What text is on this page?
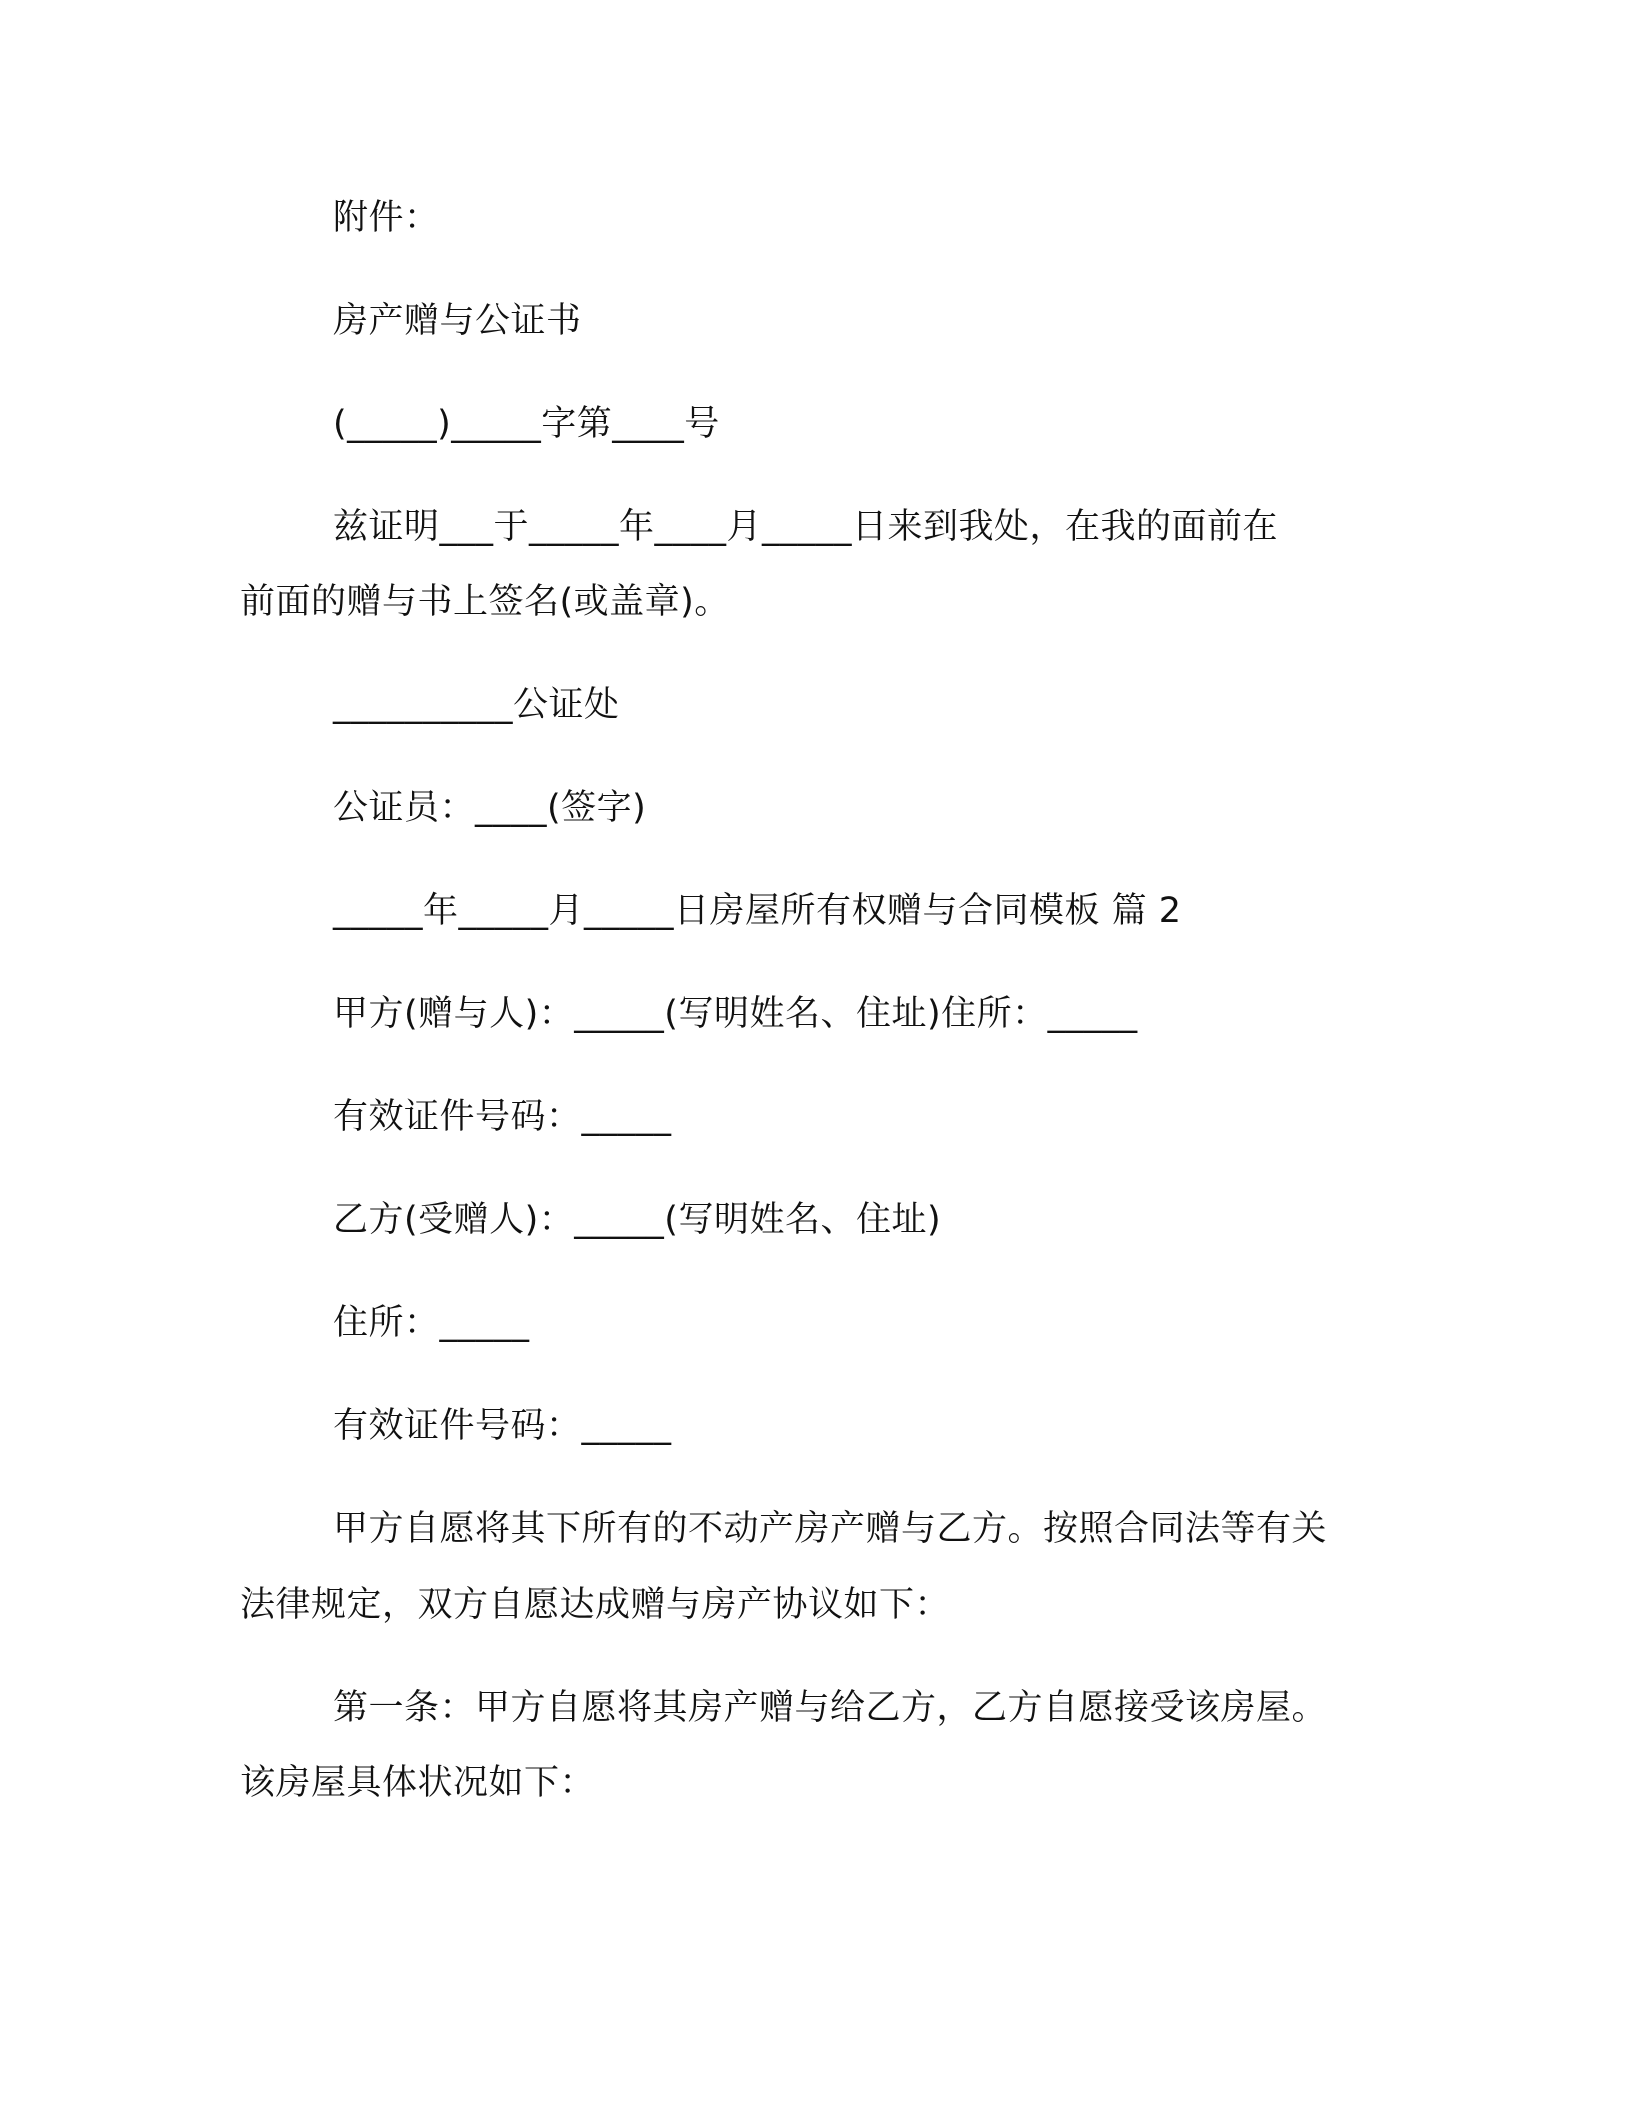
附件：
房产赠与公证书
(_____)_____字第____号
兹证明___于_____年____月_____日来到我处，在我的面前在
前面的赠与书上签名(或盖章)。
__________公证处
公证员：____(签字)
_____年_____月_____日房屋所有权赠与合同模板 篇 2
甲方(赠与人)：_____(写明姓名、住址)住所：_____
有效证件号码：_____
乙方(受赠人)：_____(写明姓名、住址)
住所：_____
有效证件号码：_____
甲方自愿将其下所有的不动产房产赠与乙方。按照合同法等有关
法律规定，双方自愿达成赠与房产协议如下：
第一条：甲方自愿将其房产赠与给乙方，乙方自愿接受该房屋。
该房屋具体状况如下：
